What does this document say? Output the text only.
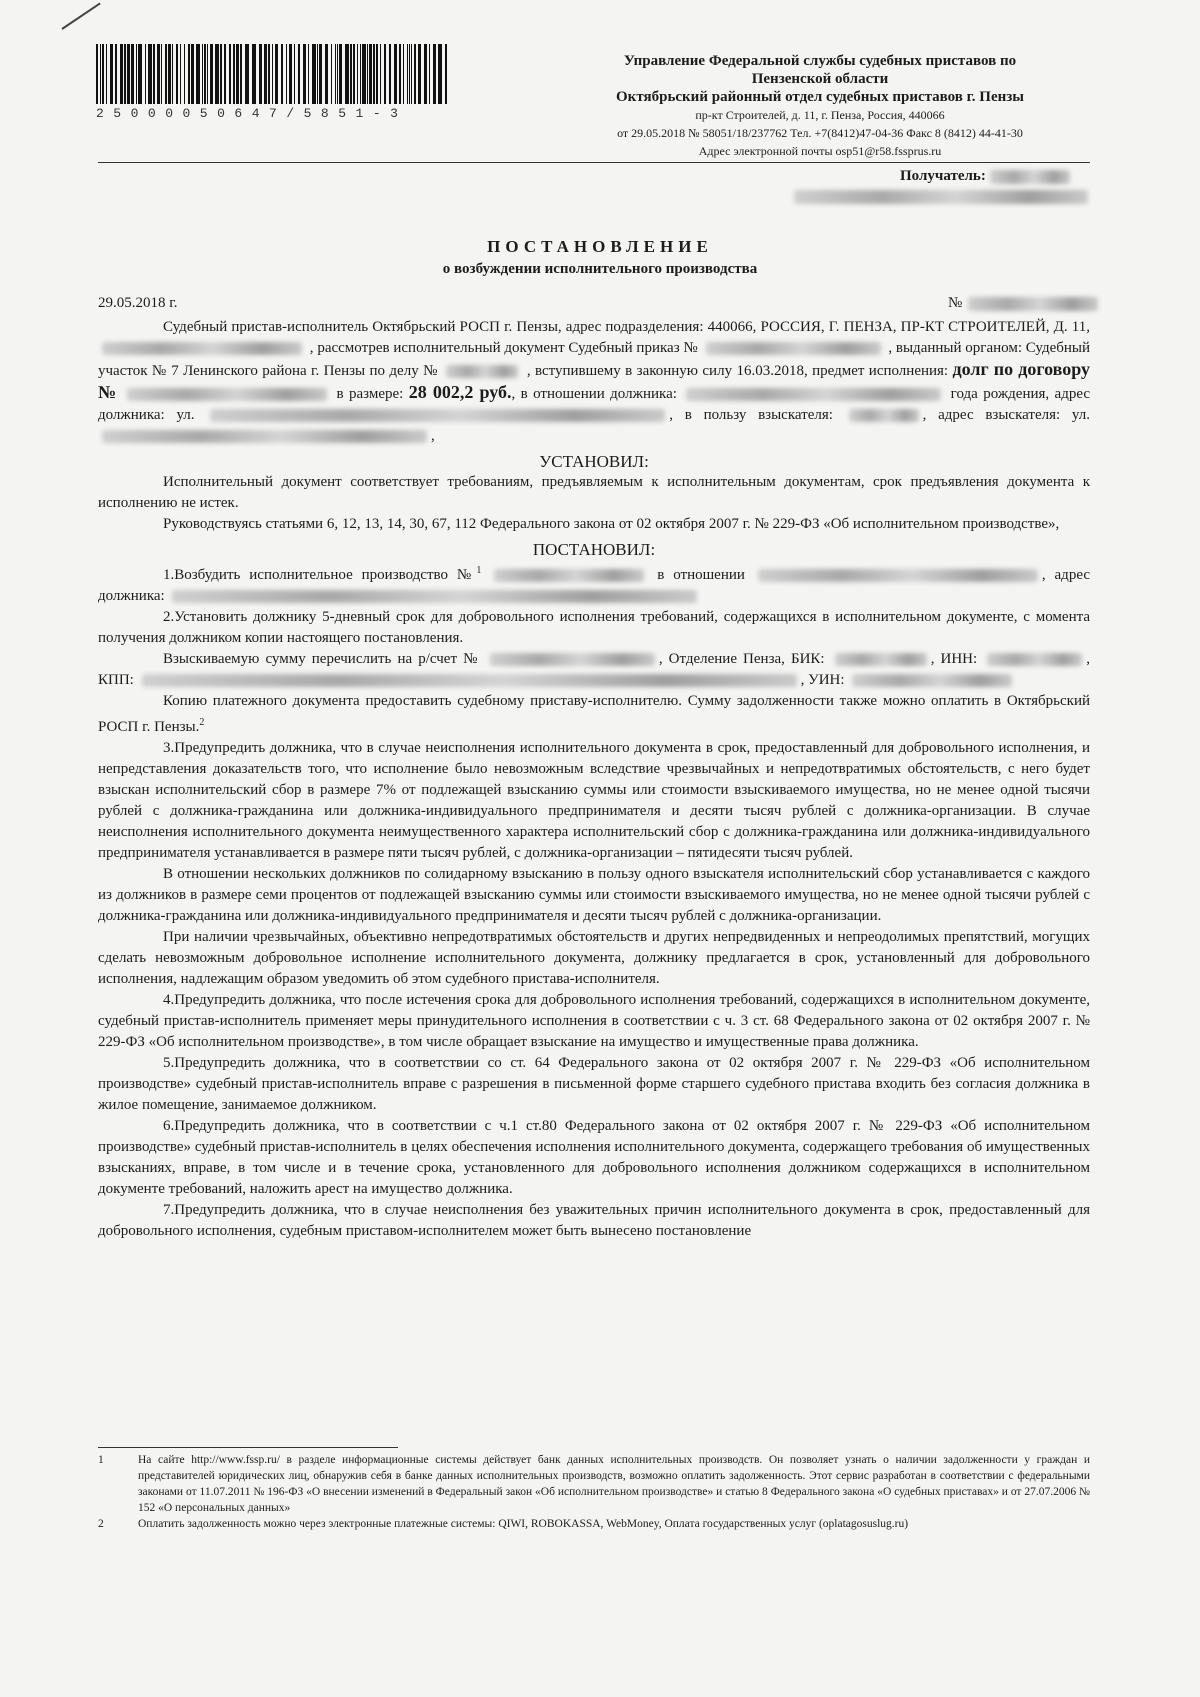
25000050647/5851-3
Управление Федеральной службы судебных приставов по
Пензенской области
Октябрьский районный отдел судебных приставов г. Пензы
пр-кт Строителей, д. 11, г. Пенза, Россия, 440066
от 29.05.2018 № 58051/18/237762 Тел. +7(8412)47-04-36 Факс 8 (8412) 44-41-30
Адрес электронной почты osp51@r58.fssprus.ru
Получатель:
ПОСТАНОВЛЕНИЕ
о возбуждении исполнительного производства
29.05.2018 г.	№

Судебный пристав-исполнитель Октябрьский РОСП г. Пензы, адрес подразделения: 440066, РОССИЯ, Г. ПЕНЗА, ПР-КТ СТРОИТЕЛЕЙ, Д. 11,  , рассмотрев исполнительный документ Судебный приказ №	, выданный органом: Судебный участок № 7 Ленинского района г. Пензы по делу №	, вступившему в законную силу 16.03.2018, предмет исполнения: долг по договору №	в размере: 28 002,2 руб., в отношении должника:	года рождения, адрес должника: ул.	, в пользу взыскателя:	, адрес взыскателя: ул. ,

УСТАНОВИЛ:

Исполнительный документ соответствует требованиям, предъявляемым к исполнительным документам, срок предъявления документа к исполнению не истек.

Руководствуясь статьями 6, 12, 13, 14, 30, 67, 112 Федерального закона от 02 октября 2007 г. № 229-ФЗ «Об исполнительном производстве»,

ПОСТАНОВИЛ:

1.Возбудить исполнительное производство №$^1$	в отношении	, адрес должника:

2.Установить должнику 5-дневный срок для добровольного исполнения требований, содержащихся в исполнительном документе, с момента получения должником копии настоящего постановления.

Взыскиваемую сумму перечислить на р/счет №	, Отделение Пенза, БИК:	, ИНН:	, КПП:	, УИН:

Копию платежного документа предоставить судебному приставу-исполнителю. Сумму задолженности также можно оплатить в Октябрьский РОСП г. Пензы.$^2$

3.Предупредить должника, что в случае неисполнения исполнительного документа в срок, предоставленный для добровольного исполнения, и непредставления доказательств того, что исполнение было невозможным вследствие чрезвычайных и непредотвратимых обстоятельств, с него будет взыскан исполнительский сбор в размере 7% от подлежащей взысканию суммы или стоимости взыскиваемого имущества, но не менее одной тысячи рублей с должника-гражданина или должника-индивидуального предпринимателя и десяти тысяч рублей с должника-организации. В случае неисполнения исполнительного документа неимущественного характера исполнительский сбор с должника-гражданина или должника-индивидуального предпринимателя устанавливается в размере пяти тысяч рублей, с должника-организации – пятидесяти тысяч рублей.

В отношении нескольких должников по солидарному взысканию в пользу одного взыскателя исполнительский сбор устанавливается с каждого из должников в размере семи процентов от подлежащей взысканию суммы или стоимости взыскиваемого имущества, но не менее одной тысячи рублей с должника-гражданина или должника-индивидуального предпринимателя и десяти тысяч рублей с должника-организации.

При наличии чрезвычайных, объективно непредотвратимых обстоятельств и других непредвиденных и непреодолимых препятствий, могущих сделать невозможным добровольное исполнение исполнительного документа, должнику предлагается в срок, установленный для добровольного исполнения, надлежащим образом уведомить об этом судебного пристава-исполнителя.

4.Предупредить должника, что после истечения срока для добровольного исполнения требований, содержащихся в исполнительном документе, судебный пристав-исполнитель применяет меры принудительного исполнения в соответствии с ч. 3 ст. 68 Федерального закона от 02 октября 2007 г. № 229-ФЗ «Об исполнительном производстве», в том числе обращает взыскание на имущество и имущественные права должника.

5.Предупредить должника, что в соответствии со ст. 64 Федерального закона от 02 октября 2007 г. № 229-ФЗ «Об исполнительном производстве» судебный пристав-исполнитель вправе с разрешения в письменной форме старшего судебного пристава входить без согласия должника в жилое помещение, занимаемое должником.

6.Предупредить должника, что в соответствии с ч.1 ст.80 Федерального закона от 02 октября 2007 г. № 229-ФЗ «Об исполнительном производстве» судебный пристав-исполнитель в целях обеспечения исполнения исполнительного документа, содержащего требования об имущественных взысканиях, вправе, в том числе и в течение срока, установленного для добровольного исполнения должником содержащихся в исполнительном документе требований, наложить арест на имущество должника.

7.Предупредить должника, что в случае неисполнения без уважительных причин исполнительного документа в срок, предоставленный для добровольного исполнения, судебным приставом-исполнителем может быть вынесено постановление

1	На сайте http://www.fssp.ru/ в разделе информационные системы действует банк данных исполнительных производств. Он позволяет узнать о наличии задолженности у граждан и представителей юридических лиц, обнаружив себя в банке данных исполнительных производств, возможно оплатить задолженность. Этот сервис разработан в соответствии с федеральными законами от 11.07.2011 № 196-ФЗ «О внесении изменений в Федеральный закон «Об исполнительном производстве» и статью 8 Федерального закона «О судебных приставах» и от 27.07.2006 № 152 «О персональных данных»
2	Оплатить задолженность можно через электронные платежные системы: QIWI, ROBOKASSA, WebMoney, Оплата государственных услуг (oplatagosuslug.ru)
